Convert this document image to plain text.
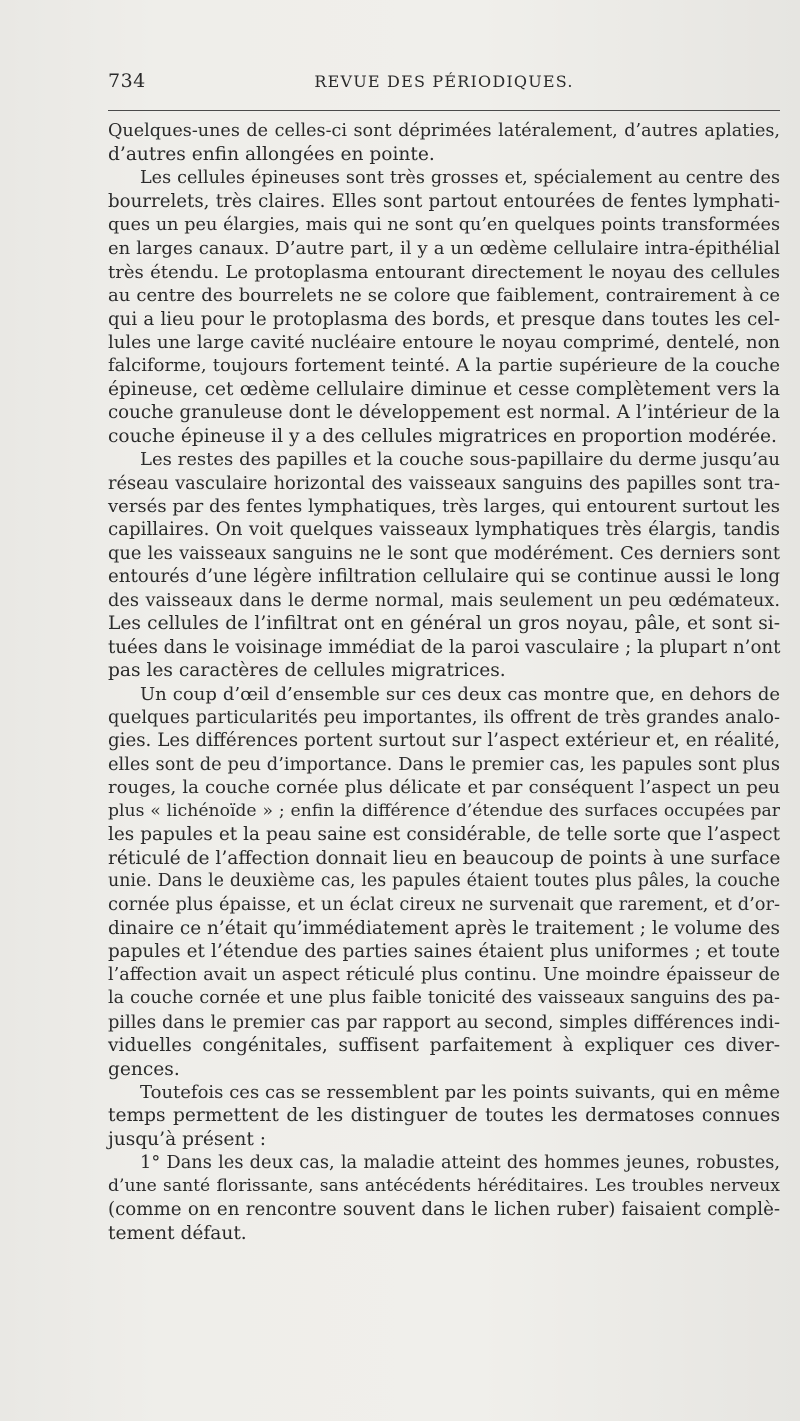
734	REVUE DES PÉRIODIQUES.
Quelques-unes de celles-ci sont déprimées latéralement, d’autres aplaties,
d’autres enfin allongées en pointe.
Les cellules épineuses sont très grosses et, spécialement au centre des
bourrelets, très claires. Elles sont partout entourées de fentes lymphati-
ques un peu élargies, mais qui ne sont qu’en quelques points transformées
en larges canaux. D’autre part, il y a un œdème cellulaire intra-épithélial
très étendu. Le protoplasma entourant directement le noyau des cellules
au centre des bourrelets ne se colore que faiblement, contrairement à ce
qui a lieu pour le protoplasma des bords, et presque dans toutes les cel-
lules une large cavité nucléaire entoure le noyau comprimé, dentelé, non
falciforme, toujours fortement teinté. A la partie supérieure de la couche
épineuse, cet œdème cellulaire diminue et cesse complètement vers la
couche granuleuse dont le développement est normal. A l’intérieur de la
couche épineuse il y a des cellules migratrices en proportion modérée.
Les restes des papilles et la couche sous-papillaire du derme jusqu’au
réseau vasculaire horizontal des vaisseaux sanguins des papilles sont tra-
versés par des fentes lymphatiques, très larges, qui entourent surtout les
capillaires. On voit quelques vaisseaux lymphatiques très élargis, tandis
que les vaisseaux sanguins ne le sont que modérément. Ces derniers sont
entourés d’une légère infiltration cellulaire qui se continue aussi le long
des vaisseaux dans le derme normal, mais seulement un peu œdémateux.
Les cellules de l’infiltrat ont en général un gros noyau, pâle, et sont si-
tuées dans le voisinage immédiat de la paroi vasculaire ; la plupart n’ont
pas les caractères de cellules migratrices.
Un coup d’œil d’ensemble sur ces deux cas montre que, en dehors de
quelques particularités peu importantes, ils offrent de très grandes analo-
gies. Les différences portent surtout sur l’aspect extérieur et, en réalité,
elles sont de peu d’importance. Dans le premier cas, les papules sont plus
rouges, la couche cornée plus délicate et par conséquent l’aspect un peu
plus « lichénoïde » ; enfin la différence d’étendue des surfaces occupées par
les papules et la peau saine est considérable, de telle sorte que l’aspect
réticulé de l’affection donnait lieu en beaucoup de points à une surface
unie. Dans le deuxième cas, les papules étaient toutes plus pâles, la couche
cornée plus épaisse, et un éclat cireux ne survenait que rarement, et d’or-
dinaire ce n’était qu’immédiatement après le traitement ; le volume des
papules et l’étendue des parties saines étaient plus uniformes ; et toute
l’affection avait un aspect réticulé plus continu. Une moindre épaisseur de
la couche cornée et une plus faible tonicité des vaisseaux sanguins des pa-
pilles dans le premier cas par rapport au second, simples différences indi-
viduelles congénitales, suffisent parfaitement à expliquer ces diver-
gences.
Toutefois ces cas se ressemblent par les points suivants, qui en même
temps permettent de les distinguer de toutes les dermatoses connues
jusqu’à présent :
1° Dans les deux cas, la maladie atteint des hommes jeunes, robustes,
d’une santé florissante, sans antécédents héréditaires. Les troubles nerveux
(comme on en rencontre souvent dans le lichen ruber) faisaient complè-
tement défaut.
